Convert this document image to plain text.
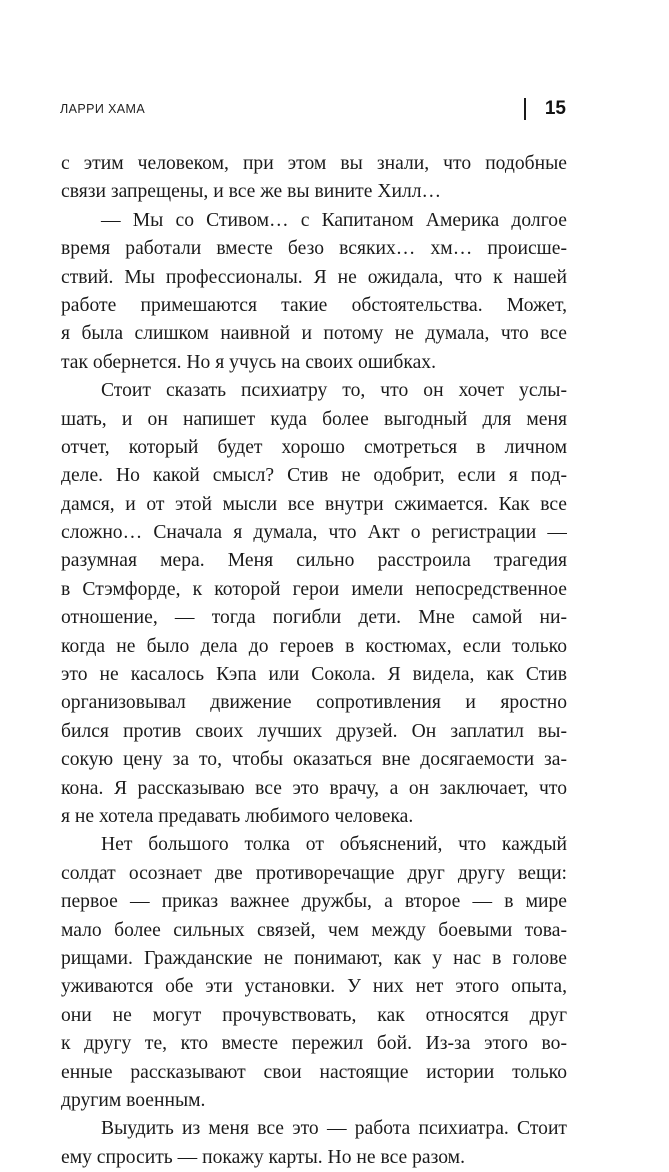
ЛАРРИ ХАМА	15
с этим человеком, при этом вы знали, что подобные
связи запрещены, и все же вы вините Хилл…
— Мы со Стивом… с Капитаном Америка долгое
время работали вместе безо всяких… хм… происше-
ствий. Мы профессионалы. Я не ожидала, что к нашей
работе примешаются такие обстоятельства. Может,
я была слишком наивной и потому не думала, что все
так обернется. Но я учусь на своих ошибках.
Стоит сказать психиатру то, что он хочет услы-
шать, и он напишет куда более выгодный для меня
отчет, который будет хорошо смотреться в личном
деле. Но какой смысл? Стив не одобрит, если я под-
дамся, и от этой мысли все внутри сжимается. Как все
сложно… Сначала я думала, что Акт о регистрации —
разумная мера. Меня сильно расстроила трагедия
в Стэмфорде, к которой герои имели непосредственное
отношение, — тогда погибли дети. Мне самой ни-
когда не было дела до героев в костюмах, если только
это не касалось Кэпа или Сокола. Я видела, как Стив
организовывал движение сопротивления и яростно
бился против своих лучших друзей. Он заплатил вы-
сокую цену за то, чтобы оказаться вне досягаемости за-
кона. Я рассказываю все это врачу, а он заключает, что
я не хотела предавать любимого человека.
Нет большого толка от объяснений, что каждый
солдат осознает две противоречащие друг другу вещи:
первое — приказ важнее дружбы, а второе — в мире
мало более сильных связей, чем между боевыми това-
рищами. Гражданские не понимают, как у нас в голове
уживаются обе эти установки. У них нет этого опыта,
они не могут прочувствовать, как относятся друг
к другу те, кто вместе пережил бой. Из-за этого во-
енные рассказывают свои настоящие истории только
другим военным.
Выудить из меня все это — работа психиатра. Стоит
ему спросить — покажу карты. Но не все разом.
